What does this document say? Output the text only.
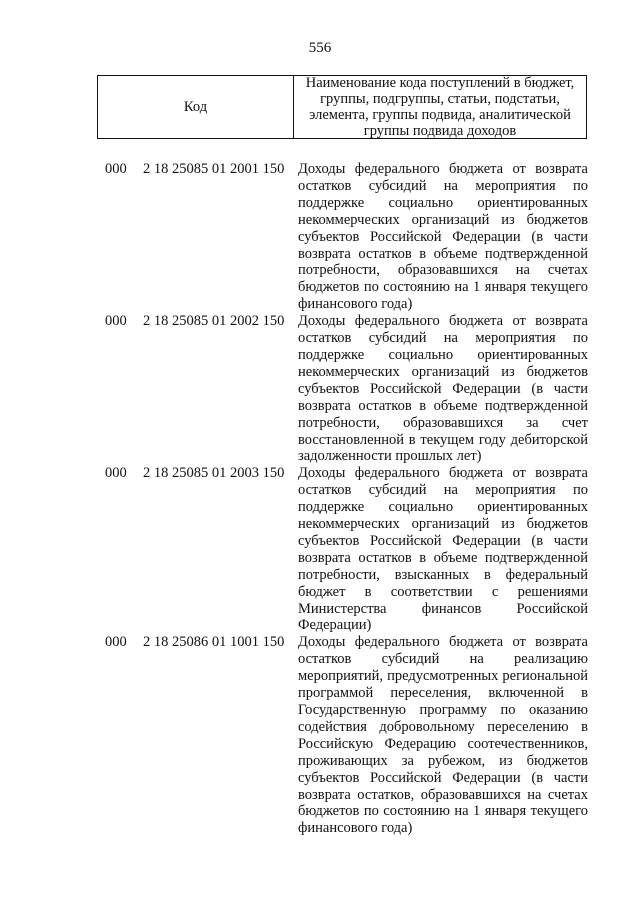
556
Код
Наименование кода поступлений в бюджет, группы, подгруппы, статьи, подстатьи, элемента, группы подвида, аналитической группы подвида доходов
000 2 18 25085 01 2001 150 Доходы федерального бюджета от возврата остатков субсидий на мероприятия по поддержке социально ориентированных некоммерческих организаций из бюджетов субъектов Российской Федерации (в части возврата остатков в объеме подтвержденной потребности, образовавшихся на счетах бюджетов по состоянию на 1 января текущего финансового года)
000 2 18 25085 01 2002 150 Доходы федерального бюджета от возврата остатков субсидий на мероприятия по поддержке социально ориентированных некоммерческих организаций из бюджетов субъектов Российской Федерации (в части возврата остатков в объеме подтвержденной потребности, образовавшихся за счет восстановленной в текущем году дебиторской задолженности прошлых лет)
000 2 18 25085 01 2003 150 Доходы федерального бюджета от возврата остатков субсидий на мероприятия по поддержке социально ориентированных некоммерческих организаций из бюджетов субъектов Российской Федерации (в части возврата остатков в объеме подтвержденной потребности, взысканных в федеральный бюджет в соответствии с решениями Министерства финансов Российской Федерации)
000 2 18 25086 01 1001 150 Доходы федерального бюджета от возврата остатков субсидий на реализацию мероприятий, предусмотренных региональной программой переселения, включенной в Государственную программу по оказанию содействия добровольному переселению в Российскую Федерацию соотечественников, проживающих за рубежом, из бюджетов субъектов Российской Федерации (в части возврата остатков, образовавшихся на счетах бюджетов по состоянию на 1 января текущего финансового года)
